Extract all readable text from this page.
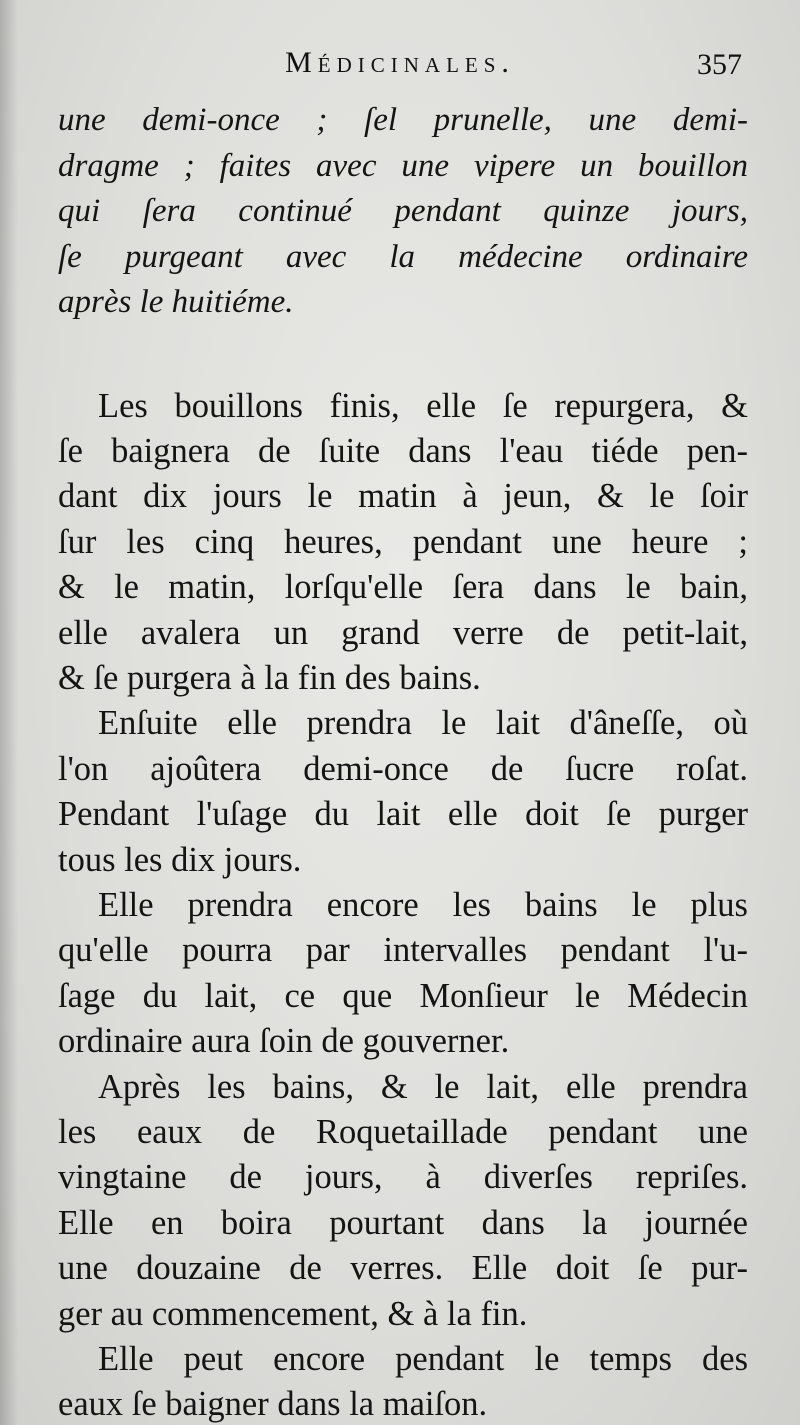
Médicinales.	357

une demi-once ; ſel prunelle, une demi-
dragme ; faites avec une vipere un bouillon
qui ſera continué pendant quinze jours,
ſe purgeant avec la médecine ordinaire
après le huitiéme.

Les bouillons finis, elle ſe repurgera, &
ſe baignera de ſuite dans l'eau tiéde pen-
dant dix jours le matin à jeun, & le ſoir
ſur les cinq heures, pendant une heure ;
& le matin, lorſqu'elle ſera dans le bain,
elle avalera un grand verre de petit-lait,
& ſe purgera à la fin des bains.

Enſuite elle prendra le lait d'âneſſe, où
l'on ajoûtera demi-once de ſucre roſat.
Pendant l'uſage du lait elle doit ſe purger
tous les dix jours.

Elle prendra encore les bains le plus
qu'elle pourra par intervalles pendant l'u-
ſage du lait, ce que Monſieur le Médecin
ordinaire aura ſoin de gouverner.

Après les bains, & le lait, elle prendra
les eaux de Roquetaillade pendant une
vingtaine de jours, à diverſes repriſes.
Elle en boira pourtant dans la journée
une douzaine de verres. Elle doit ſe pur-
ger au commencement, & à la fin.

Elle peut encore pendant le temps des
eaux ſe baigner dans la maiſon.
